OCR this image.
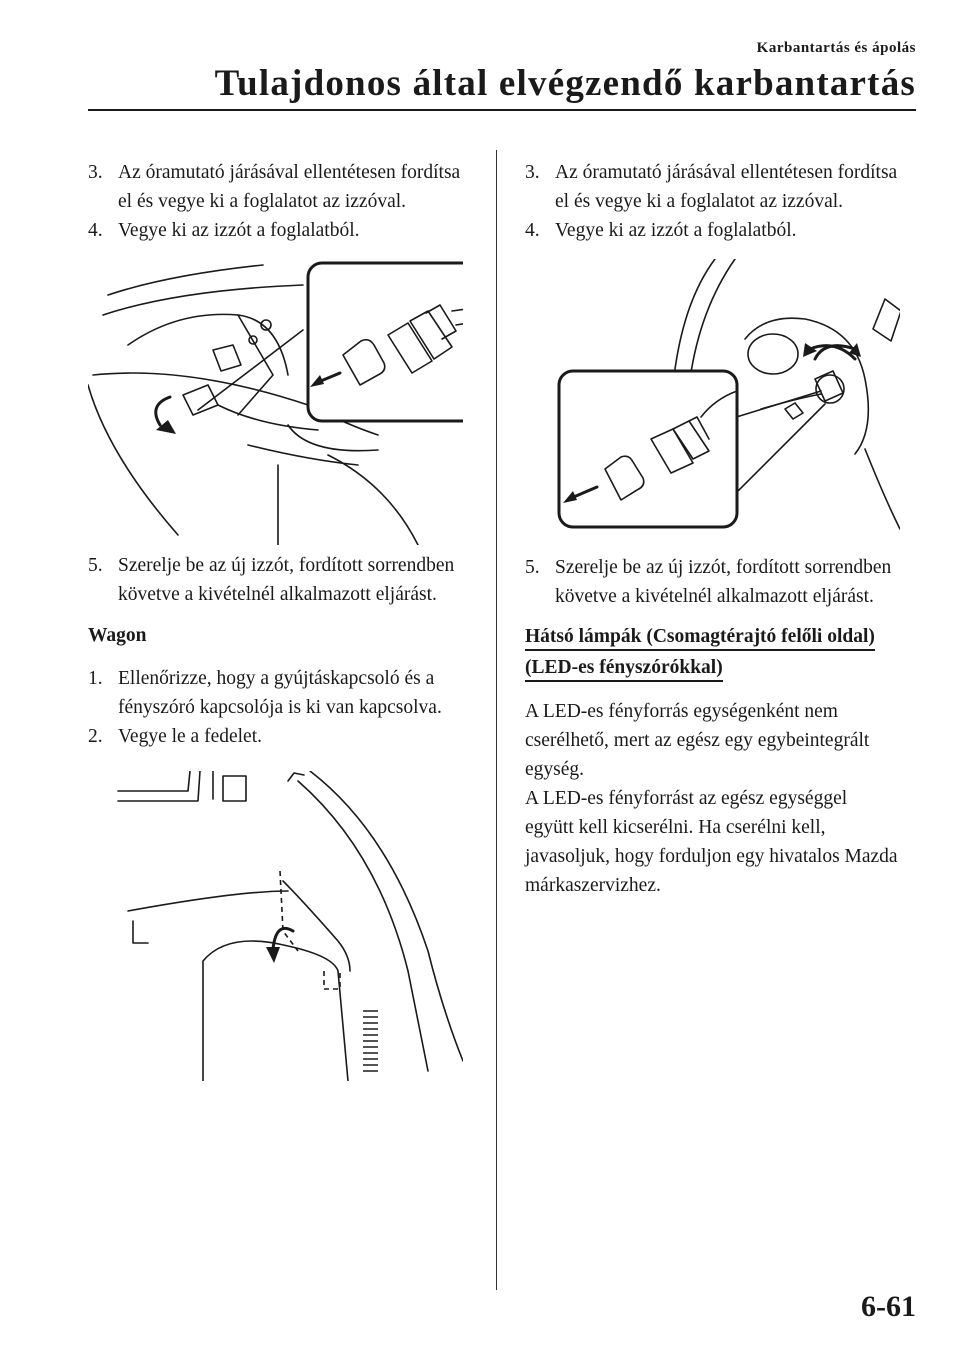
Karbantartás és ápolás
Tulajdonos által elvégzendő karbantartás
3. Az óramutató járásával ellentétesen fordítsa el és vegye ki a foglalatot az izzóval.
4. Vegye ki az izzót a foglalatból.
5. Szerelje be az új izzót, fordított sorrendben követve a kivételnél alkalmazott eljárást.
Wagon
1. Ellenőrizze, hogy a gyújtáskapcsoló és a fényszóró kapcsolója is ki van kapcsolva.
2. Vegye le a fedelet.
3. Az óramutató járásával ellentétesen fordítsa el és vegye ki a foglalatot az izzóval.
4. Vegye ki az izzót a foglalatból.
5. Szerelje be az új izzót, fordított sorrendben követve a kivételnél alkalmazott eljárást.
Hátsó lámpák (Csomagtérajtó felőli oldal) (LED-es fényszórókkal)

A LED-es fényforrás egységenként nem cserélhető, mert az egész egy egybeintegrált egység.

A LED-es fényforrást az egész egységgel együtt kell kicserélni. Ha cserélni kell, javasoljuk, hogy forduljon egy hivatalos Mazda márkaszervizhez.

6-61
